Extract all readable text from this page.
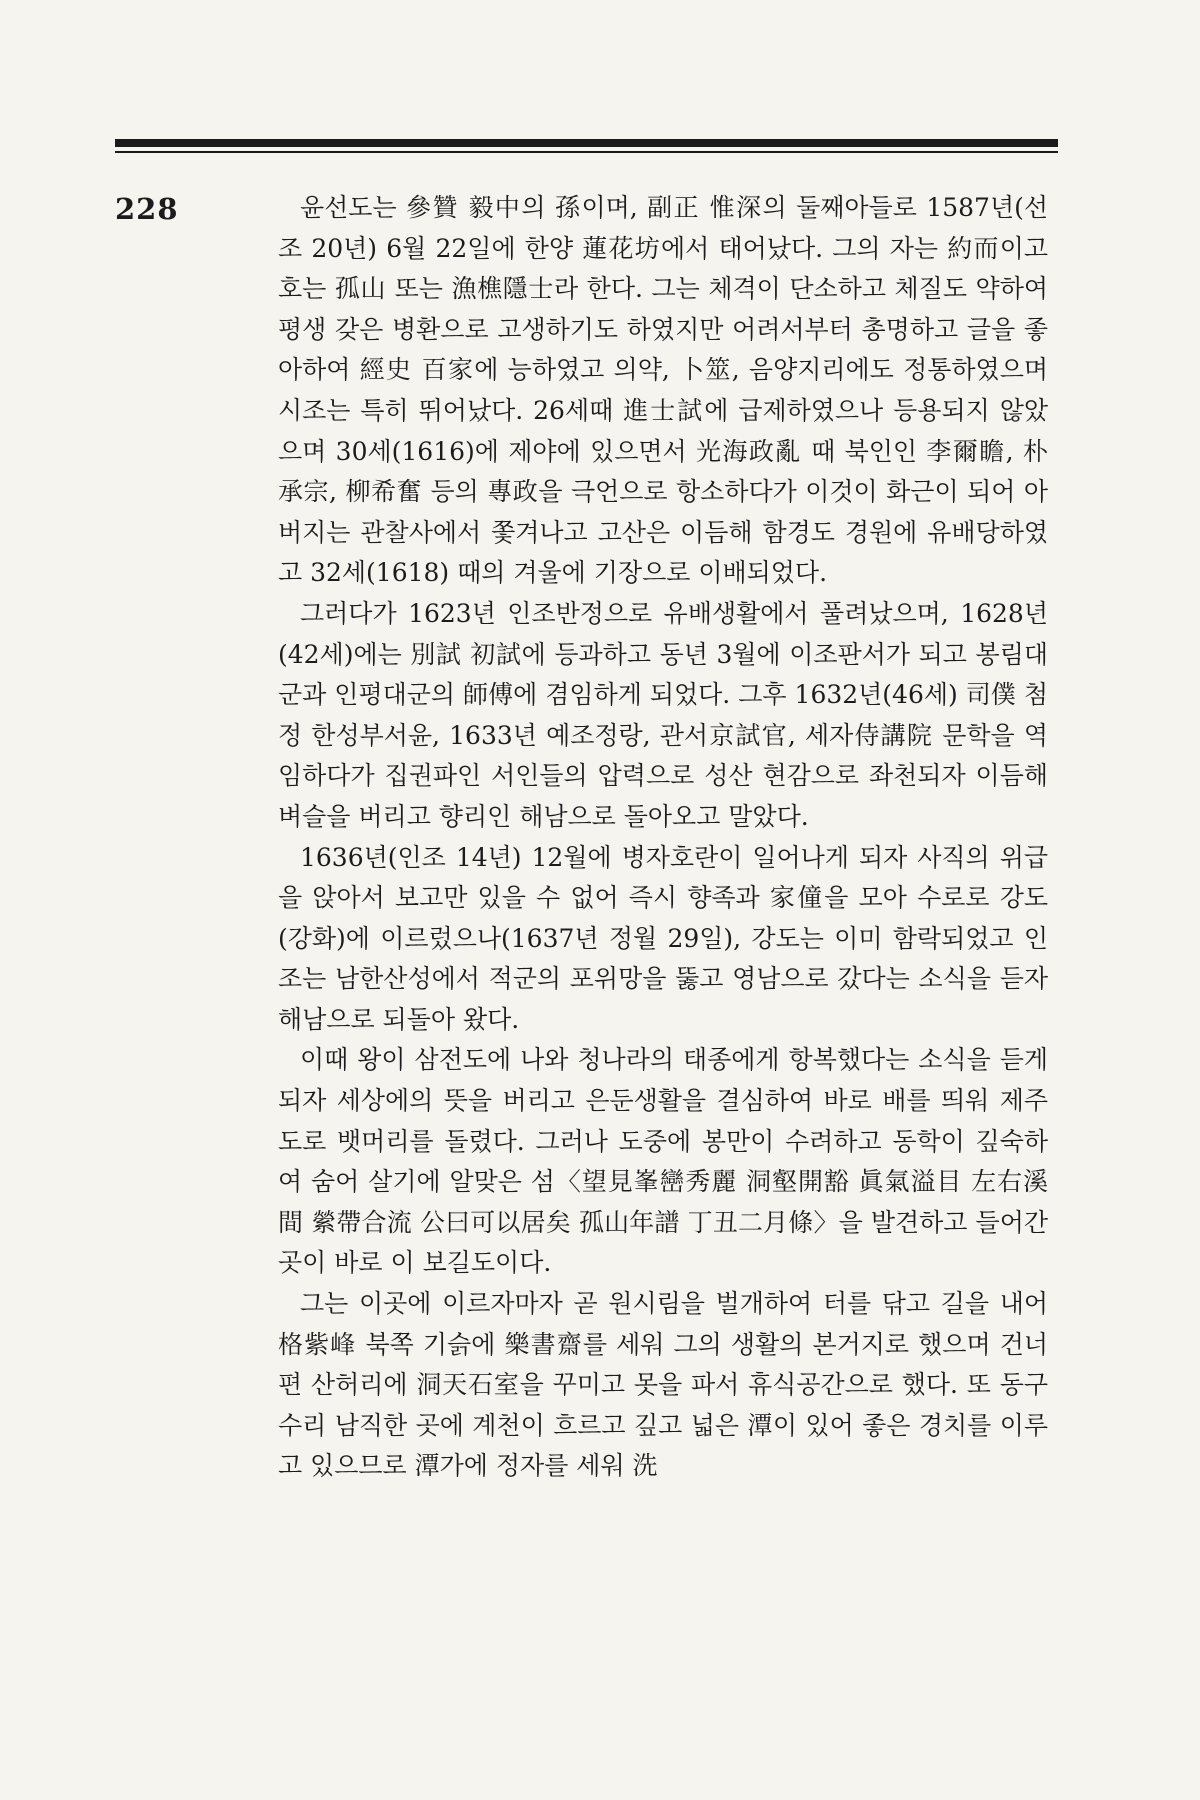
228	윤선도는 參贊 毅中의 孫이며, 副正 惟深의 둘째아들로 1587년(선조 20년) 6월 22일에 한양 蓮花坊에서 태어났다. 그의 자는 約而이고 호는 孤山 또는 漁樵隱士라 한다. 그는 체격이 단소하고 체질도 약하여 평생 갖은 병환으로 고생하기도 하였지만 어려서부터 총명하고 글을 좋아하여 經史 百家에 능하였고 의약, 卜筮, 음양지리에도 정통하였으며 시조는 특히 뛰어났다. 26세때 進士試에 급제하였으나 등용되지 않았으며 30세(1616)에 제야에 있으면서 光海政亂 때 북인인 李爾瞻, 朴承宗, 柳希奮 등의 專政을 극언으로 항소하다가 이것이 화근이 되어 아버지는 관찰사에서 쫓겨나고 고산은 이듬해 함경도 경원에 유배당하였고 32세(1618) 때의 겨울에 기장으로 이배되었다.

그러다가 1623년 인조반정으로 유배생활에서 풀려났으며, 1628년(42세)에는 別試 初試에 등과하고 동년 3월에 이조판서가 되고 봉림대군과 인평대군의 師傅에 겸임하게 되었다. 그후 1632년(46세) 司僕 첨정 한성부서윤, 1633년 예조정랑, 관서京試官, 세자侍講院 문학을 역임하다가 집권파인 서인들의 압력으로 성산 현감으로 좌천되자 이듬해 벼슬을 버리고 향리인 해남으로 돌아오고 말았다.

1636년(인조 14년) 12월에 병자호란이 일어나게 되자 사직의 위급을 앉아서 보고만 있을 수 없어 즉시 향족과 家僮을 모아 수로로 강도(강화)에 이르렀으나(1637년 정월 29일), 강도는 이미 함락되었고 인조는 남한산성에서 적군의 포위망을 뚫고 영남으로 갔다는 소식을 듣자 해남으로 되돌아 왔다.

이때 왕이 삼전도에 나와 청나라의 태종에게 항복했다는 소식을 듣게 되자 세상에의 뜻을 버리고 은둔생활을 결심하여 바로 배를 띄워 제주도로 뱃머리를 돌렸다. 그러나 도중에 봉만이 수려하고 동학이 깊숙하여 숨어 살기에 알맞은 섬〈望見峯巒秀麗 洞壑開豁 眞氣溢目 左右溪間 縈帶合流 公曰可以居矣 孤山年譜 丁丑二月條〉을 발견하고 들어간 곳이 바로 이 보길도이다.

그는 이곳에 이르자마자 곧 원시림을 벌개하여 터를 닦고 길을 내어 格紫峰 북쪽 기슭에 樂書齋를 세워 그의 생활의 본거지로 했으며 건너편 산허리에 洞天石室을 꾸미고 못을 파서 휴식공간으로 했다. 또 동구 수리 남직한 곳에 계천이 흐르고 깊고 넓은 潭이 있어 좋은 경치를 이루고 있으므로 潭가에 정자를 세워 洗
